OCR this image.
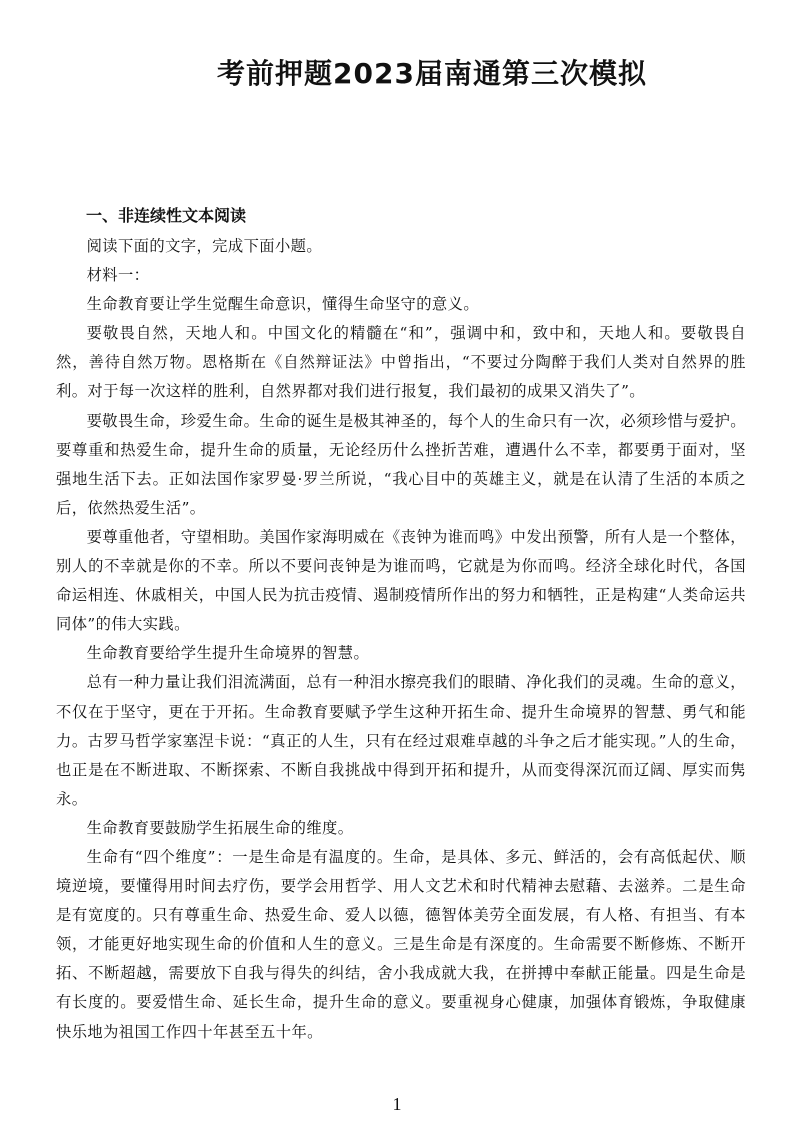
考前押题2023届南通第三次模拟
一、非连续性文本阅读

阅读下面的文字，完成下面小题。

材料一：

生命教育要让学生觉醒生命意识，懂得生命坚守的意义。

要敬畏自然，天地人和。中国文化的精髓在“和”，强调中和，致中和，天地人和。要敬畏自然，善待自然万物。恩格斯在《自然辩证法》中曾指出，“不要过分陶醉于我们人类对自然界的胜利。对于每一次这样的胜利，自然界都对我们进行报复，我们最初的成果又消失了”。

要敬畏生命，珍爱生命。生命的诞生是极其神圣的，每个人的生命只有一次，必须珍惜与爱护。要尊重和热爱生命，提升生命的质量，无论经历什么挫折苦难，遭遇什么不幸，都要勇于面对，坚强地生活下去。正如法国作家罗曼·罗兰所说，“我心目中的英雄主义，就是在认清了生活的本质之后，依然热爱生活”。

要尊重他者，守望相助。美国作家海明威在《丧钟为谁而鸣》中发出预警，所有人是一个整体，别人的不幸就是你的不幸。所以不要问丧钟是为谁而鸣，它就是为你而鸣。经济全球化时代，各国命运相连、休戚相关，中国人民为抗击疫情、遏制疫情所作出的努力和牺牲，正是构建“人类命运共同体”的伟大实践。

生命教育要给学生提升生命境界的智慧。

总有一种力量让我们泪流满面，总有一种泪水擦亮我们的眼睛、净化我们的灵魂。生命的意义，不仅在于坚守，更在于开拓。生命教育要赋予学生这种开拓生命、提升生命境界的智慧、勇气和能力。古罗马哲学家塞涅卡说：“真正的人生，只有在经过艰难卓越的斗争之后才能实现。”人的生命，也正是在不断进取、不断探索、不断自我挑战中得到开拓和提升，从而变得深沉而辽阔、厚实而隽永。

生命教育要鼓励学生拓展生命的维度。

生命有“四个维度”：一是生命是有温度的。生命，是具体、多元、鲜活的，会有高低起伏、顺境逆境，要懂得用时间去疗伤，要学会用哲学、用人文艺术和时代精神去慰藉、去滋养。二是生命是有宽度的。只有尊重生命、热爱生命、爱人以德，德智体美劳全面发展，有人格、有担当、有本领，才能更好地实现生命的价值和人生的意义。三是生命是有深度的。生命需要不断修炼、不断开拓、不断超越，需要放下自我与得失的纠结，舍小我成就大我，在拼搏中奉献正能量。四是生命是有长度的。要爱惜生命、延长生命，提升生命的意义。要重视身心健康，加强体育锻炼，争取健康快乐地为祖国工作四十年甚至五十年。

1
